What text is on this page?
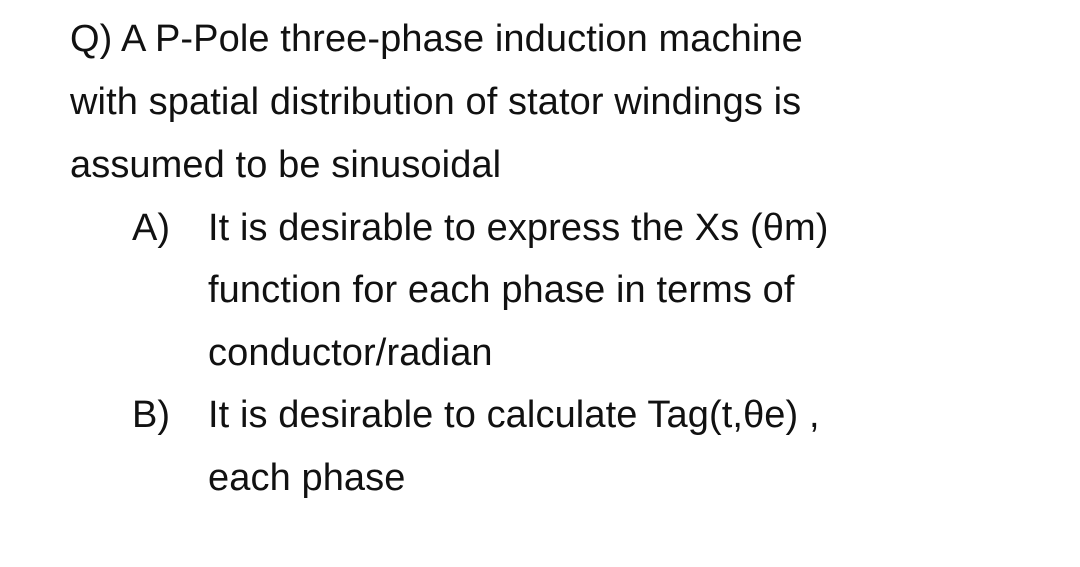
Q) A P-Pole three-phase induction machine
with spatial distribution of stator windings is
assumed to be sinusoidal
A) It is desirable to express the Xs (θm)
function for each phase in terms of
conductor/radian
B) It is desirable to calculate Tag(t,θe) ,
each phase
